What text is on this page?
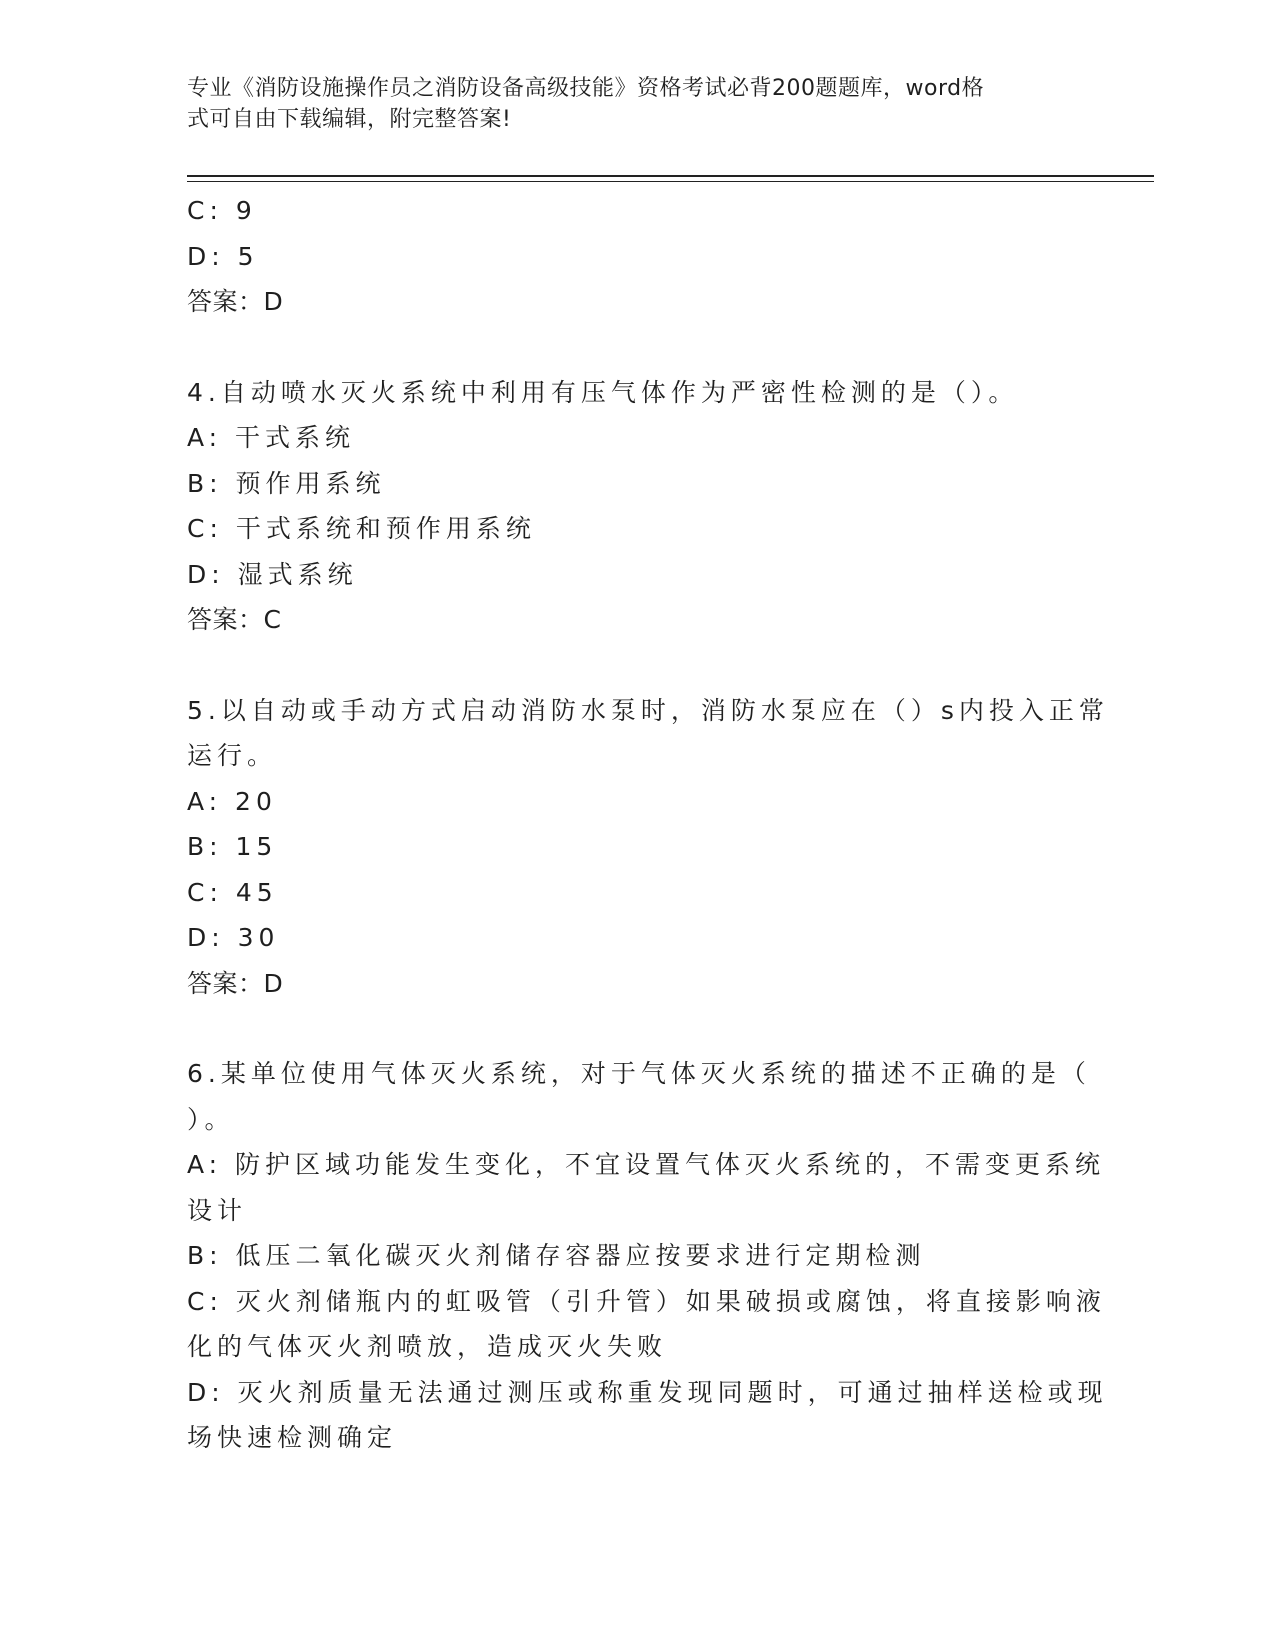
专业《消防设施操作员之消防设备高级技能》资格考试必背200题题库，word格
式可自由下载编辑，附完整答案!
C: 9
D: 5
答案：D
4.自动喷水灭火系统中利用有压气体作为严密性检测的是（）。
A: 干式系统
B: 预作用系统
C: 干式系统和预作用系统
D: 湿式系统
答案：C
5.以自动或手动方式启动消防水泵时，消防水泵应在（）s内投入正常
运行。
A: 20
B: 15
C: 45
D: 30
答案：D
6.某单位使用气体灭火系统，对于气体灭火系统的描述不正确的是（
）。
A: 防护区域功能发生变化，不宜设置气体灭火系统的，不需变更系统
设计
B: 低压二氧化碳灭火剂储存容器应按要求进行定期检测
C: 灭火剂储瓶内的虹吸管（引升管）如果破损或腐蚀，将直接影响液
化的气体灭火剂喷放，造成灭火失败
D: 灭火剂质量无法通过测压或称重发现同题时，可通过抽样送检或现
场快速检测确定
